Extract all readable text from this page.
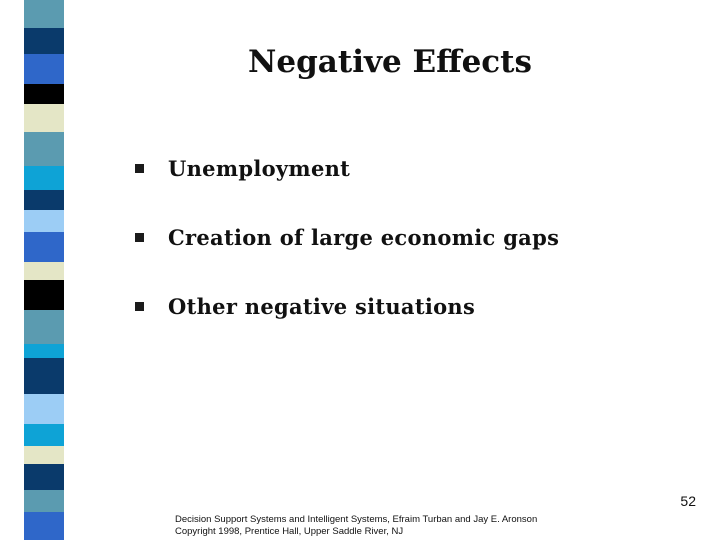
Negative Effects
Unemployment
Creation of large economic gaps
Other negative situations
52
Decision Support Systems and Intelligent Systems, Efraim Turban and Jay E. Aronson
Copyright 1998, Prentice Hall, Upper Saddle River, NJ
